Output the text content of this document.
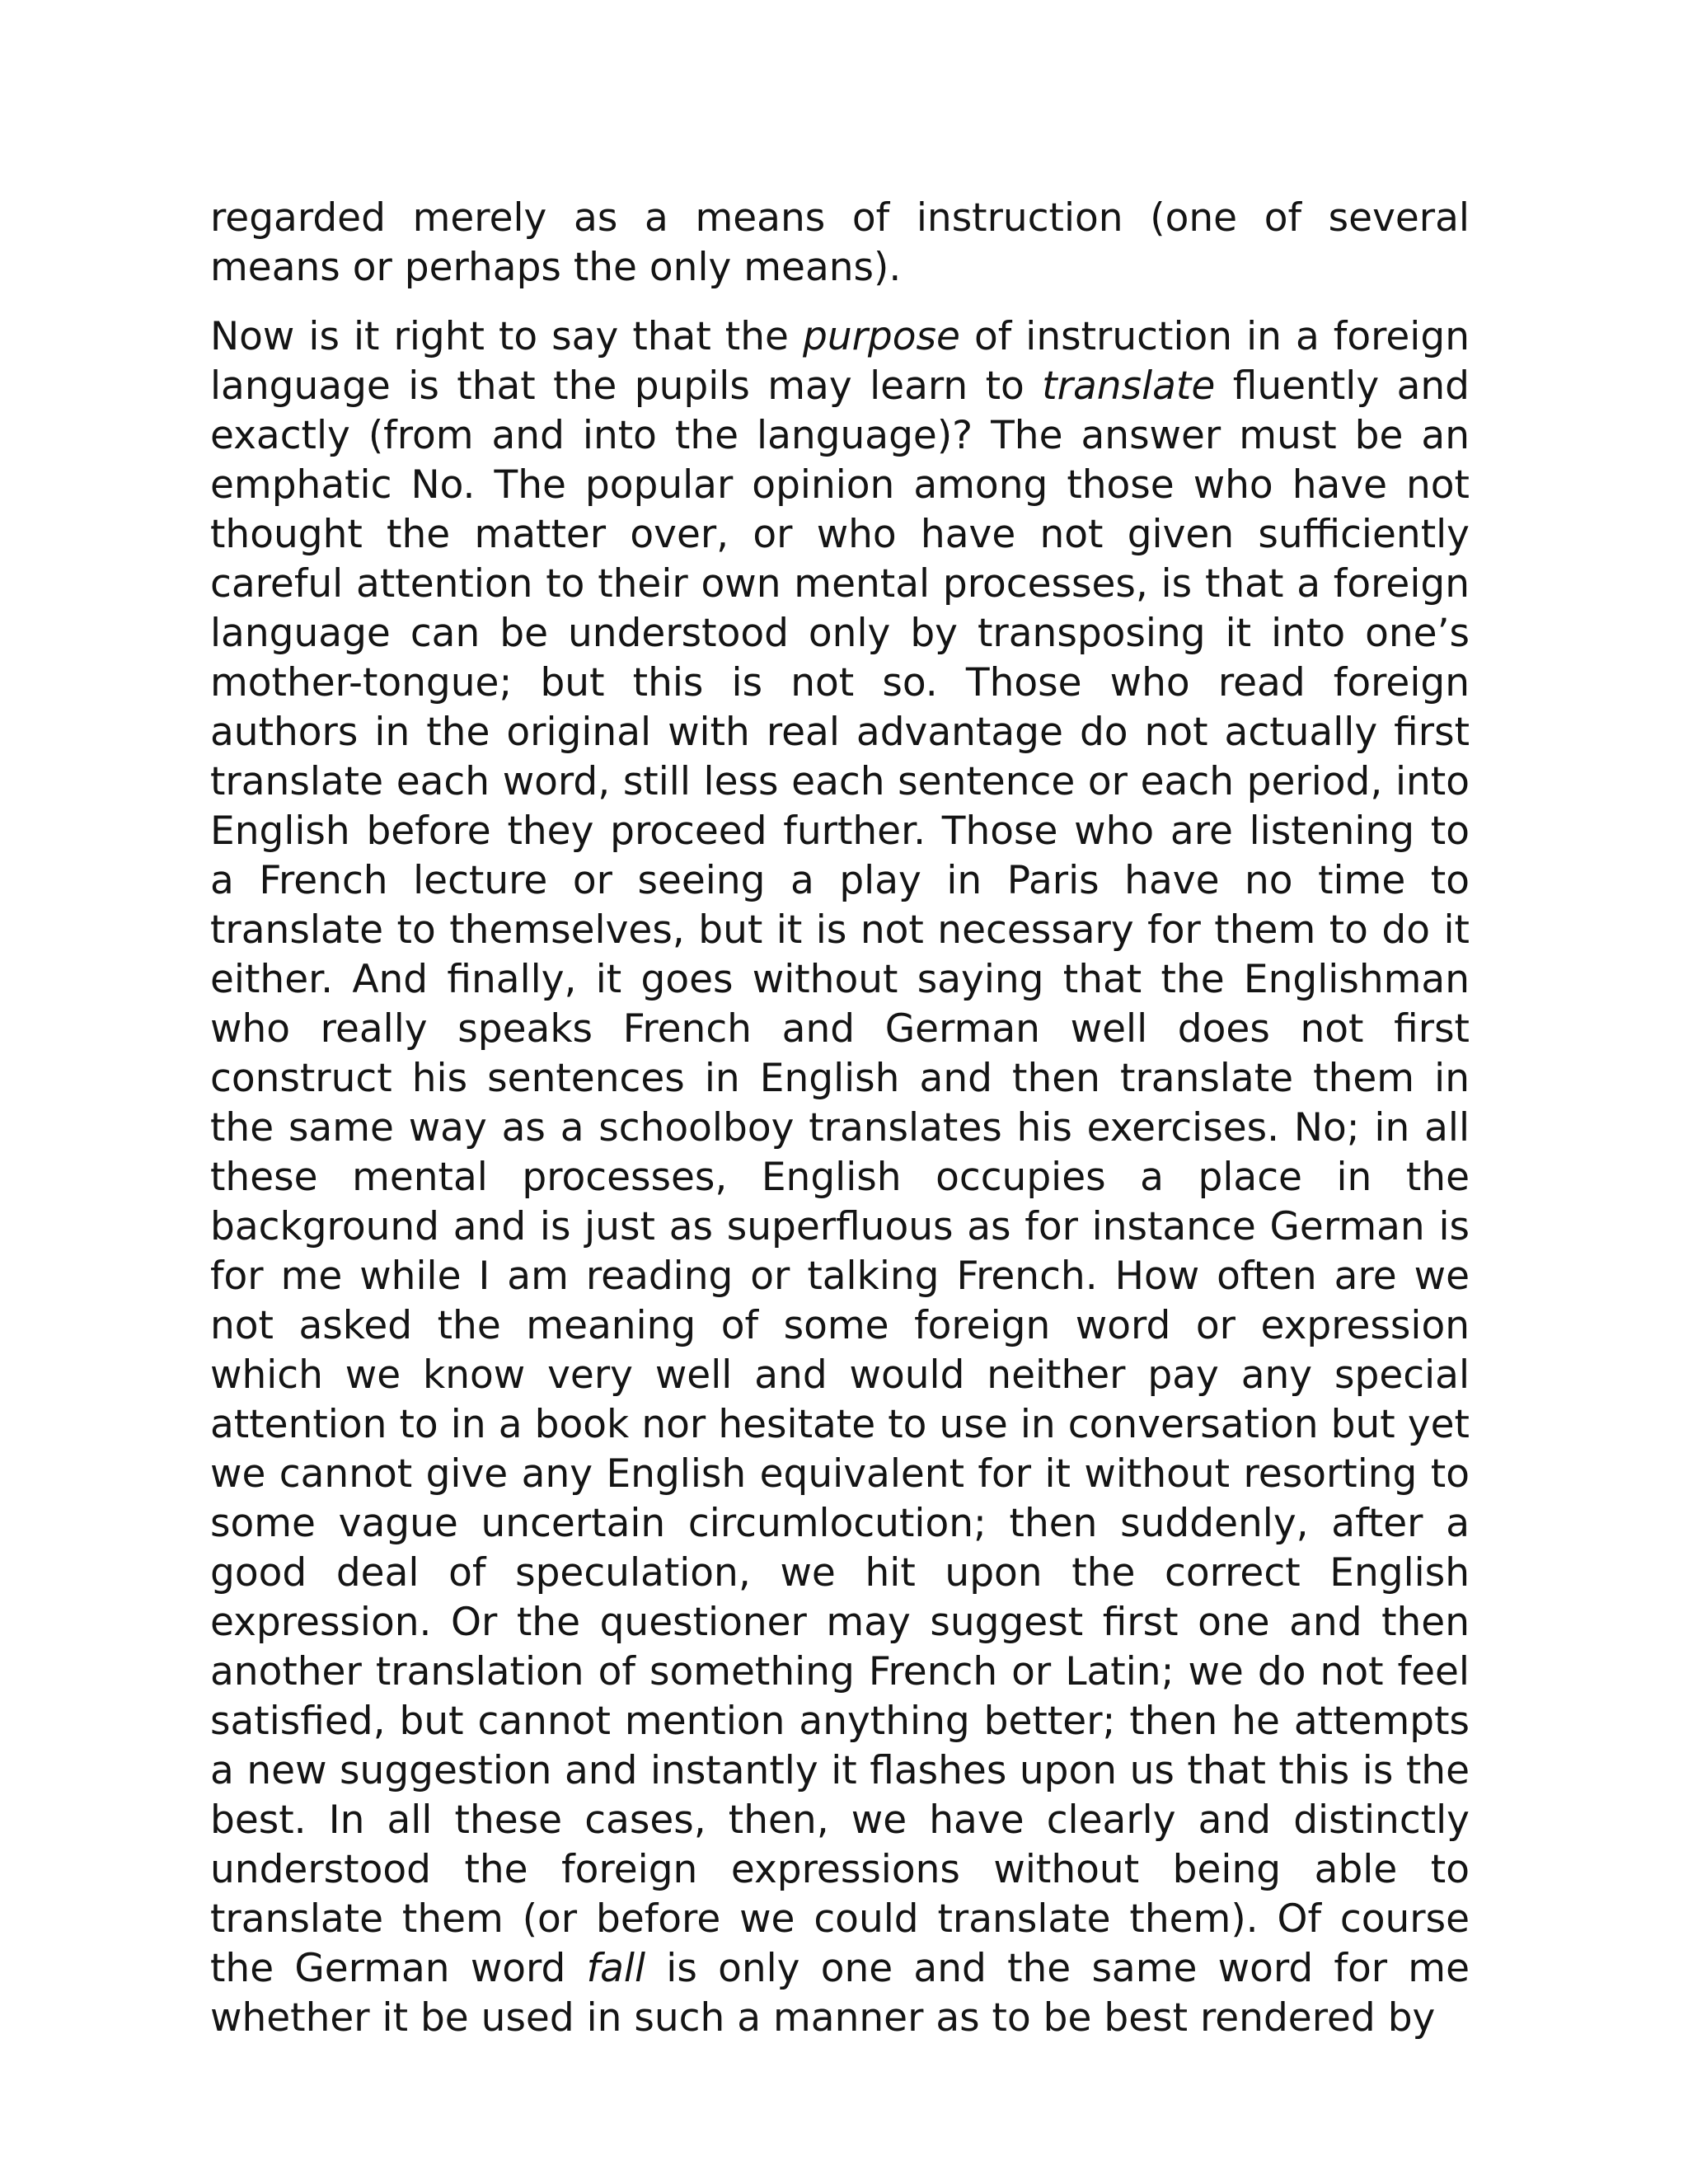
regarded merely as a means of instruction (one of several means or perhaps the only means).

Now is it right to say that the purpose of instruction in a foreign language is that the pupils may learn to translate fluently and exactly (from and into the language)? The answer must be an emphatic No. The popular opinion among those who have not thought the matter over, or who have not given sufficiently careful attention to their own mental processes, is that a foreign language can be understood only by transposing it into one’s mother-tongue; but this is not so. Those who read foreign authors in the original with real advantage do not actually first translate each word, still less each sentence or each period, into English before they proceed further. Those who are listening to a French lecture or seeing a play in Paris have no time to translate to themselves, but it is not necessary for them to do it either. And finally, it goes without saying that the Englishman who really speaks French and German well does not first construct his sentences in English and then translate them in the same way as a schoolboy translates his exercises. No; in all these mental processes, English occupies a place in the background and is just as superfluous as for instance German is for me while I am reading or talking French. How often are we not asked the meaning of some foreign word or expression which we know very well and would neither pay any special attention to in a book nor hesitate to use in conversation but yet we cannot give any English equivalent for it without resorting to some vague uncertain circumlocution; then suddenly, after a good deal of speculation, we hit upon the correct English expression. Or the questioner may suggest first one and then another translation of something French or Latin; we do not feel satisfied, but cannot mention anything better; then he attempts a new suggestion and instantly it flashes upon us that this is the best. In all these cases, then, we have clearly and distinctly understood the foreign expressions without being able to translate them (or before we could translate them). Of course the German word fall is only one and the same word for me whether it be used in such a manner as to be best rendered by
